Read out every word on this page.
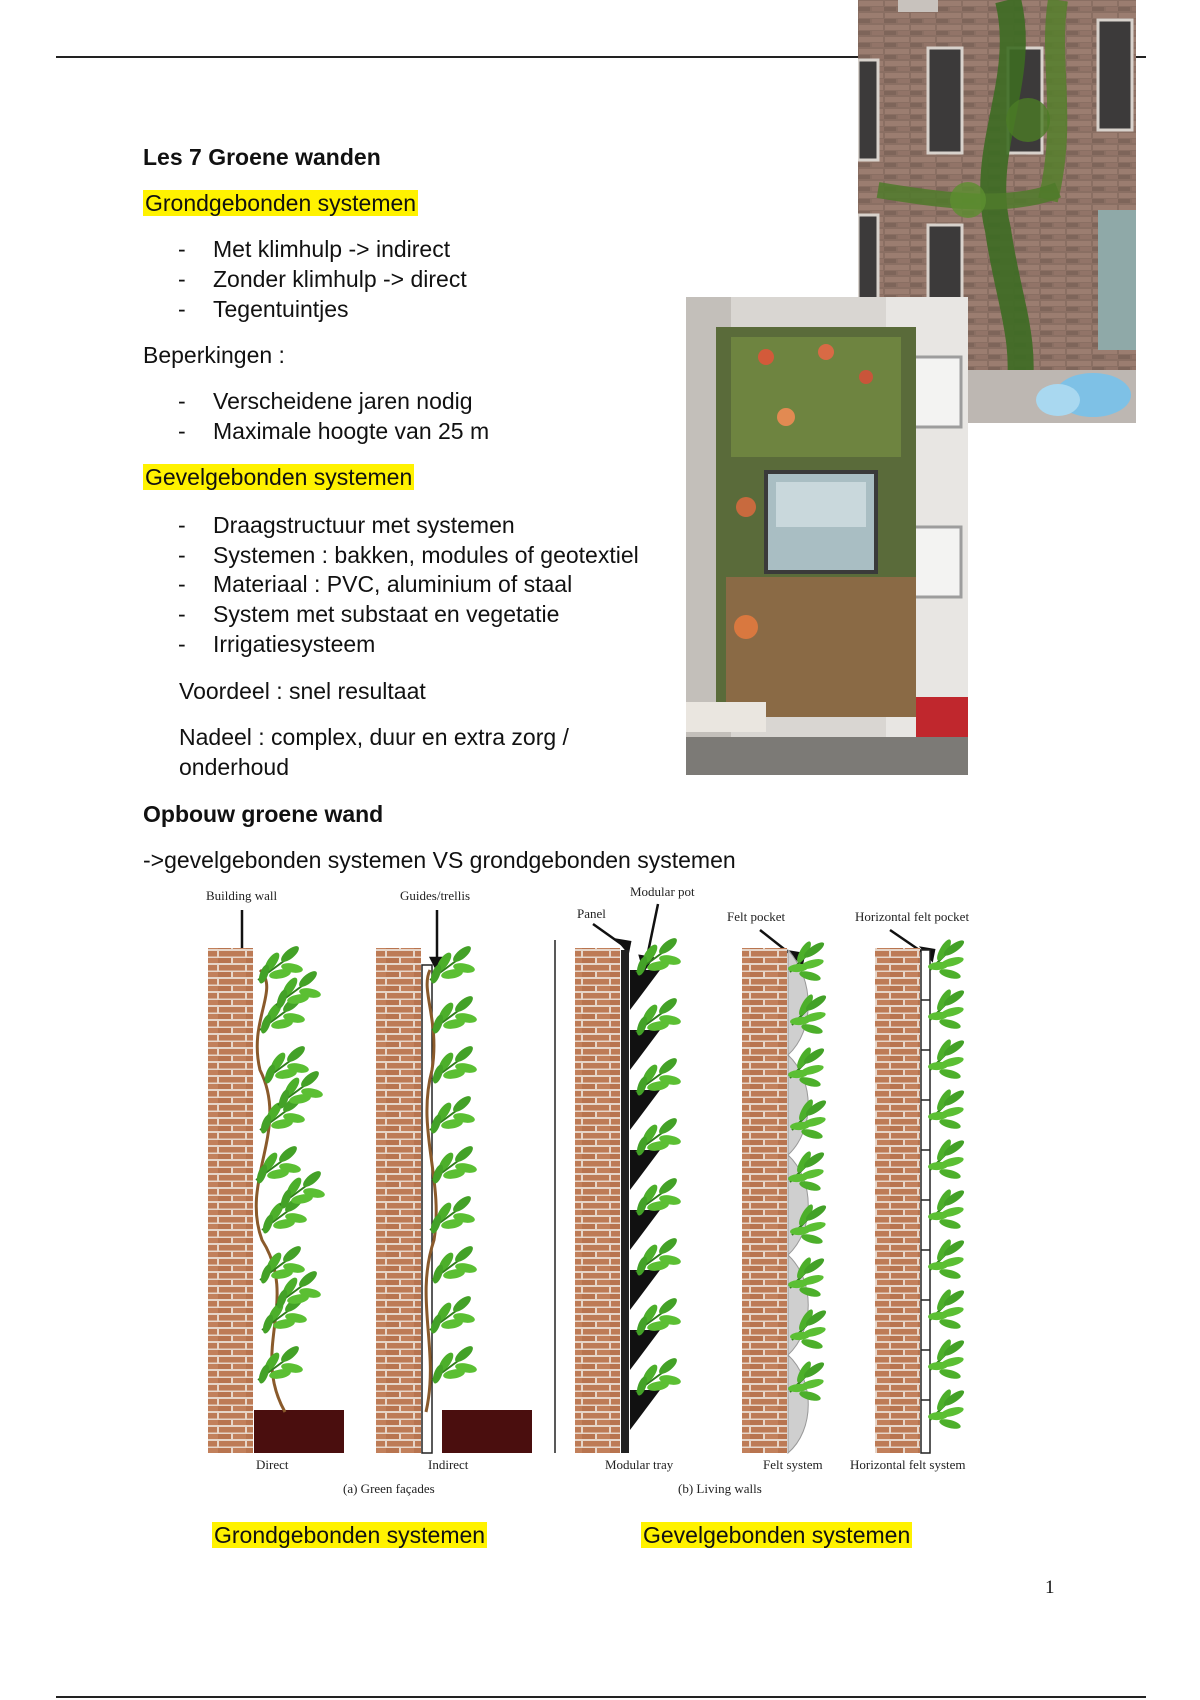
Les 7 Groene wanden
Grondgebonden systemen
- Met klimhulp -> indirect
- Zonder klimhulp -> direct
- Tegentuintjes
Beperkingen :
- Verscheidene jaren nodig
- Maximale hoogte van 25 m
Gevelgebonden systemen
- Draagstructuur met systemen
- Systemen : bakken, modules of geotextiel
- Materiaal : PVC, aluminium of staal
- System met substaat en vegetatie
- Irrigatiesysteem
Voordeel : snel resultaat
Nadeel : complex, duur en extra zorg /
onderhoud
Opbouw groene wand
->gevelgebonden systemen VS grondgebonden systemen
Building wall	Guides/trellis
Panel
Modular pot
Felt pocket	Horizontal felt pocket
Direct	Indirect	Modular tray	Felt system Horizontal felt system
(a) Green façades	(b) Living walls
Grondgebonden systemen	Gevelgebonden systemen
1
